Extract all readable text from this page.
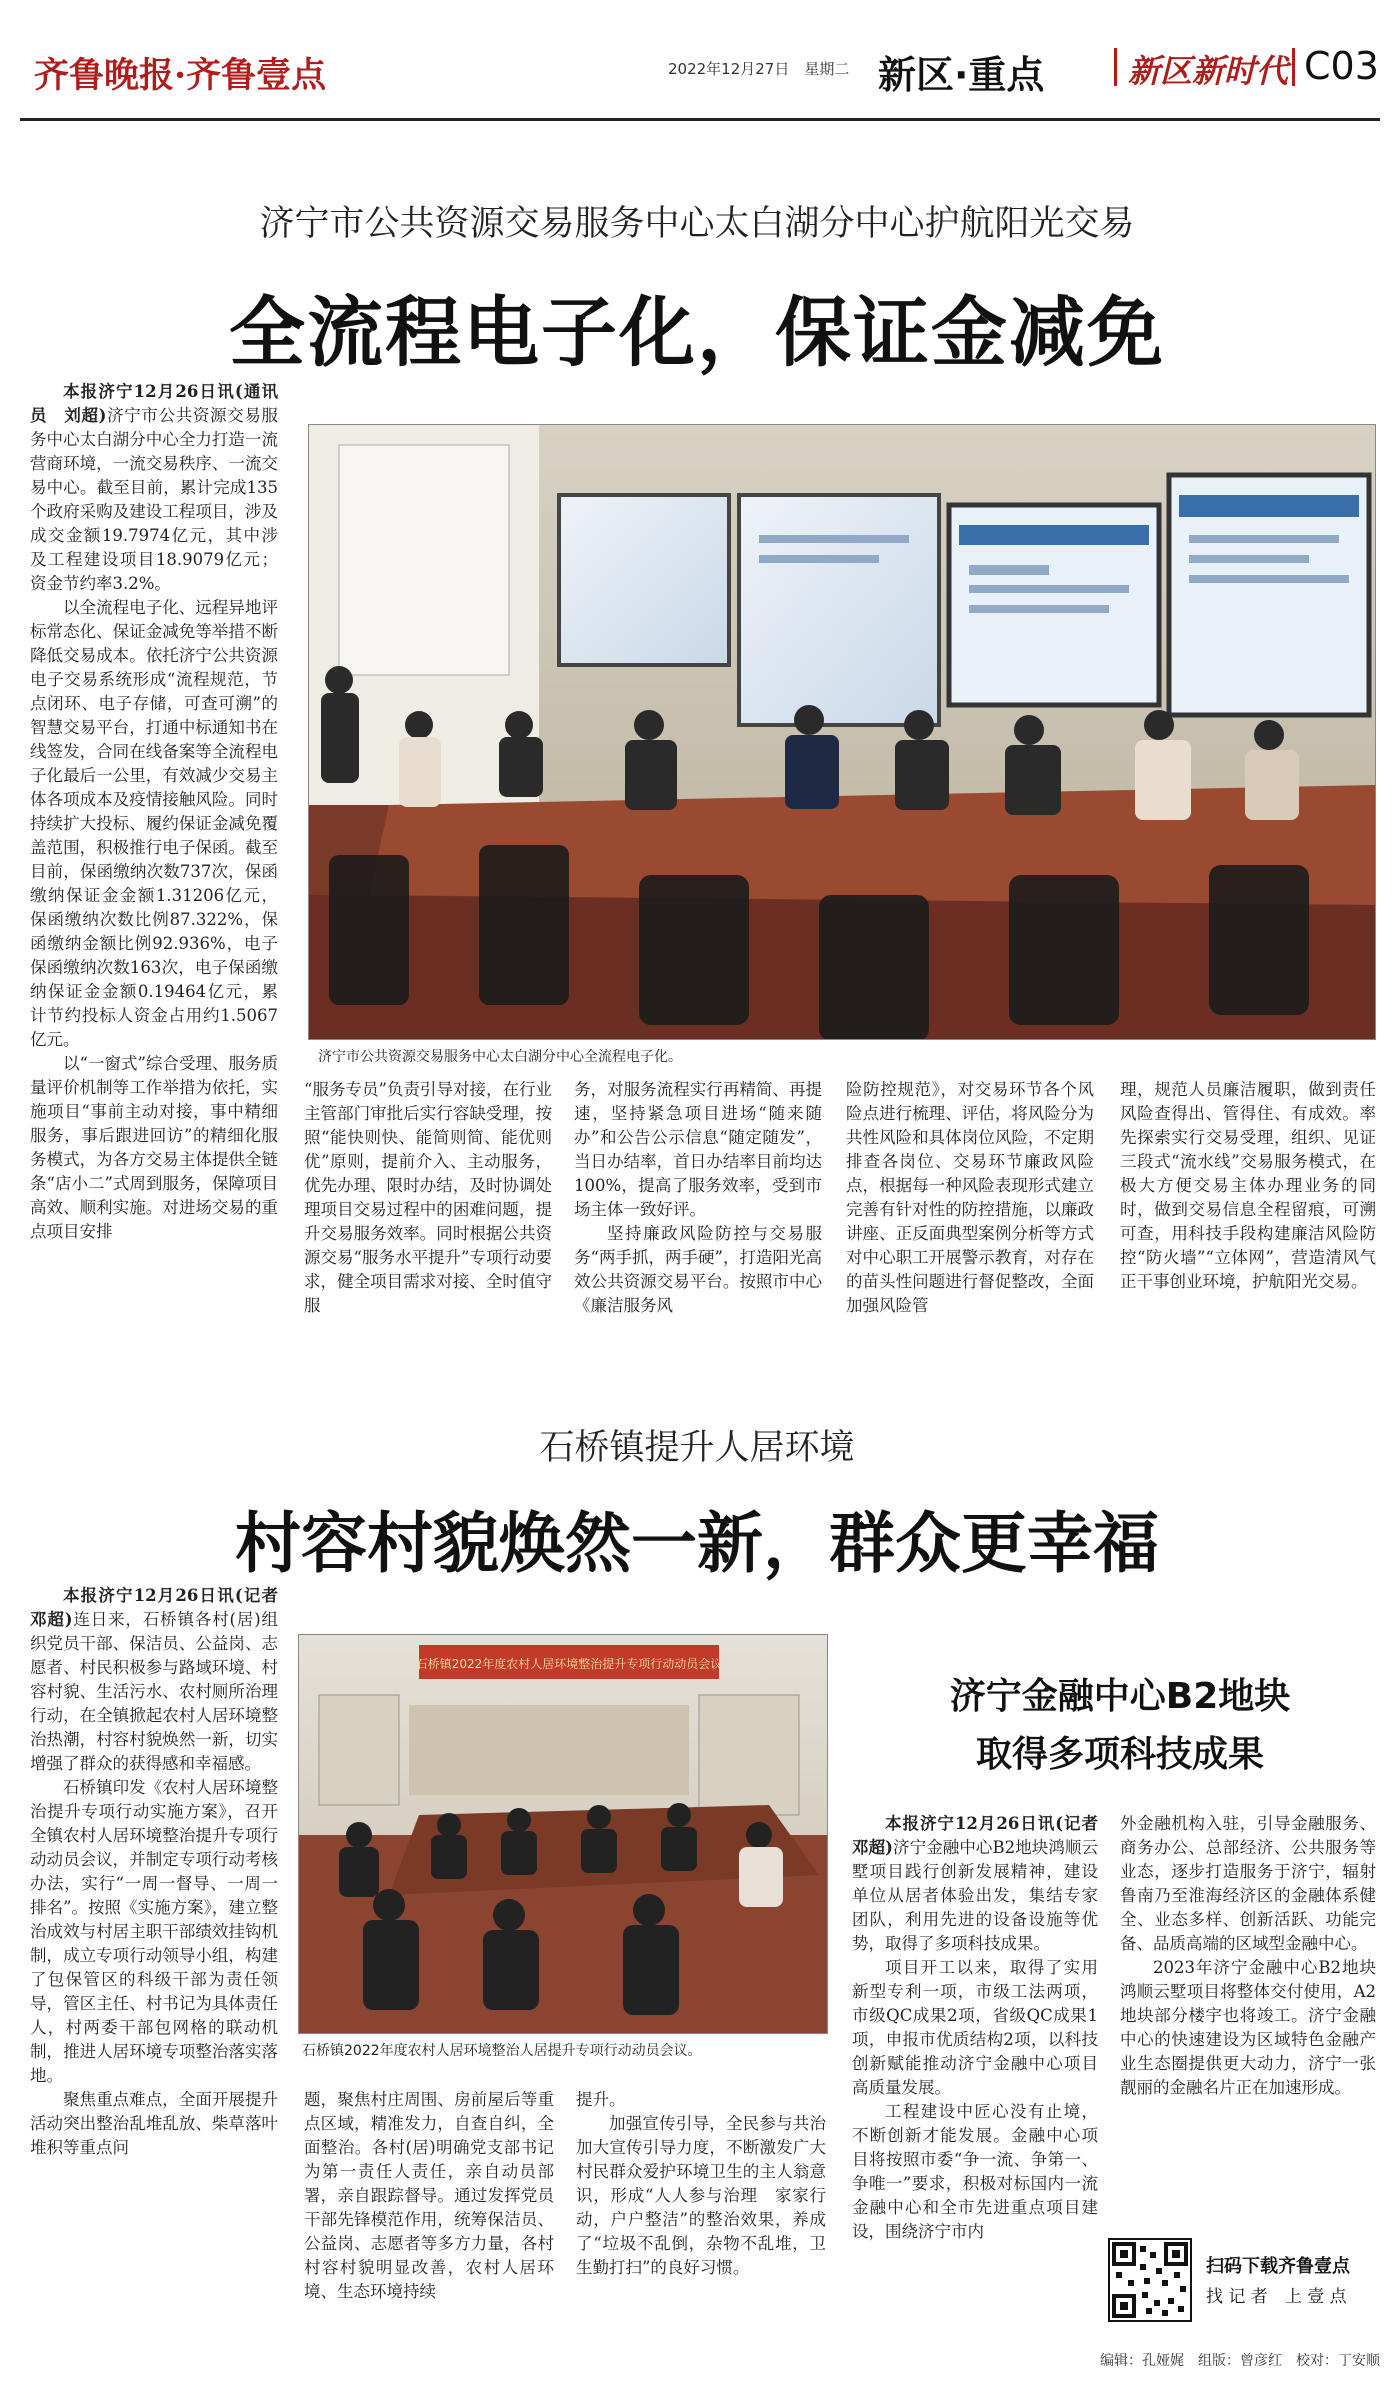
齐鲁晚报·齐鲁壹点	2022年12月27日　星期二 新区·重点	新区新时代 C03
济宁市公共资源交易服务中心太白湖分中心护航阳光交易
全流程电子化，保证金减免

本报济宁12月26日讯(通讯员　刘超)济宁市公共资源交易服务中心太白湖分中心全力打造一流营商环境，一流交易秩序、一流交易中心。截至目前，累计完成135个政府采购及建设工程项目，涉及成交金额19.7974亿元，其中涉及工程建设项目18.9079亿元；资金节约率3.2%。

以全流程电子化、远程异地评标常态化、保证金减免等举措不断降低交易成本。依托济宁公共资源电子交易系统形成“流程规范，节点闭环、电子存储，可查可溯”的智慧交易平台，打通中标通知书在线签发，合同在线备案等全流程电子化最后一公里，有效减少交易主体各项成本及疫情接触风险。同时持续扩大投标、履约保证金减免覆盖范围，积极推行电子保函。截至目前，保函缴纳次数737次，保函缴纳保证金金额1.31206亿元，保函缴纳次数比例87.322%，保函缴纳金额比例92.936%，电子保函缴纳次数163次，电子保函缴纳保证金金额0.19464亿元，累计节约投标人资金占用约1.5067亿元。

以“一窗式”综合受理、服务质量评价机制等工作举措为依托，实施项目“事前主动对接，事中精细服务，事后跟进回访”的精细化服务模式，为各方交易主体提供全链条“店小二”式周到服务，保障项目高效、顺利实施。对进场交易的重点项目安排

济宁市公共资源交易服务中心太白湖分中心全流程电子化。

“服务专员”负责引导对接，在行业主管部门审批后实行容缺受理，按照“能快则快、能简则简、能优则优”原则，提前介入、主动服务，优先办理、限时办结，及时协调处理项目交易过程中的困难问题，提升交易服务效率。同时根据公共资源交易“服务水平提升”专项行动要求，健全项目需求对接、全时值守服

务，对服务流程实行再精简、再提速，坚持紧急项目进场“随来随办”和公告公示信息“随定随发”，当日办结率，首日办结率目前均达100%，提高了服务效率，受到市场主体一致好评。

坚持廉政风险防控与交易服务“两手抓，两手硬”，打造阳光高效公共资源交易平台。按照市中心《廉洁服务风

险防控规范》，对交易环节各个风险点进行梳理、评估，将风险分为共性风险和具体岗位风险，不定期排查各岗位、交易环节廉政风险点，根据每一种风险表现形式建立完善有针对性的防控措施，以廉政讲座、正反面典型案例分析等方式对中心职工开展警示教育，对存在的苗头性问题进行督促整改，全面加强风险管

理，规范人员廉洁履职，做到责任风险查得出、管得住、有成效。率先探索实行交易受理，组织、见证三段式“流水线”交易服务模式，在极大方便交易主体办理业务的同时，做到交易信息全程留痕，可溯可查，用科技手段构建廉洁风险防控“防火墙”“立体网”，营造清风气正干事创业环境，护航阳光交易。

石桥镇提升人居环境
村容村貌焕然一新，群众更幸福

本报济宁12月26日讯(记者　邓超)连日来，石桥镇各村(居)组织党员干部、保洁员、公益岗、志愿者、村民积极参与路域环境、村容村貌、生活污水、农村厕所治理行动，在全镇掀起农村人居环境整治热潮，村容村貌焕然一新，切实增强了群众的获得感和幸福感。

石桥镇印发《农村人居环境整治提升专项行动实施方案》，召开全镇农村人居环境整治提升专项行动动员会议，并制定专项行动考核办法，实行“一周一督导、一周一排名”。按照《实施方案》，建立整治成效与村居主职干部绩效挂钩机制，成立专项行动领导小组，构建了包保管区的科级干部为责任领导，管区主任、村书记为具体责任人，村两委干部包网格的联动机制，推进人居环境专项整治落实落地。

聚焦重点难点，全面开展提升活动突出整治乱堆乱放、柴草落叶堆积等重点问

石桥镇2022年度农村人居环境整治提升专项行动动员会议
石桥镇2022年度农村人居环境整治人居提升专项行动动员会议。

题，聚焦村庄周围、房前屋后等重点区域，精准发力，自查自纠，全面整治。各村(居)明确党支部书记为第一责任人责任，亲自动员部署，亲自跟踪督导。通过发挥党员干部先锋模范作用，统筹保洁员、公益岗、志愿者等多方力量，各村村容村貌明显改善，农村人居环境、生态环境持续

提升。

加强宣传引导，全民参与共治加大宣传引导力度，不断激发广大村民群众爱护环境卫生的主人翁意识，形成“人人参与治理　家家行动，户户整洁”的整治效果，养成了“垃圾不乱倒，杂物不乱堆，卫生勤打扫”的良好习惯。

济宁金融中心B2地块
取得多项科技成果

本报济宁12月26日讯(记者　邓超)济宁金融中心B2地块鸿顺云墅项目践行创新发展精神，建设单位从居者体验出发，集结专家团队，利用先进的设备设施等优势，取得了多项科技成果。

项目开工以来，取得了实用新型专利一项，市级工法两项，市级QC成果2项，省级QC成果1项，申报市优质结构2项，以科技创新赋能推动济宁金融中心项目高质量发展。

工程建设中匠心没有止境，不断创新才能发展。金融中心项目将按照市委“争一流、争第一、争唯一”要求，积极对标国内一流金融中心和全市先进重点项目建设，围绕济宁市内

外金融机构入驻，引导金融服务、商务办公、总部经济、公共服务等业态，逐步打造服务于济宁，辐射鲁南乃至淮海经济区的金融体系健全、业态多样、创新活跃、功能完备、品质高端的区域型金融中心。

2023年济宁金融中心B2地块鸿顺云墅项目将整体交付使用，A2地块部分楼宇也将竣工。济宁金融中心的快速建设为区域特色金融产业生态圈提供更大动力，济宁一张靓丽的金融名片正在加速形成。

扫码下载齐鲁壹点
找 记 者　上 壹 点
编辑：孔娅娓　组版：曾彦红　校对：丁安顺
